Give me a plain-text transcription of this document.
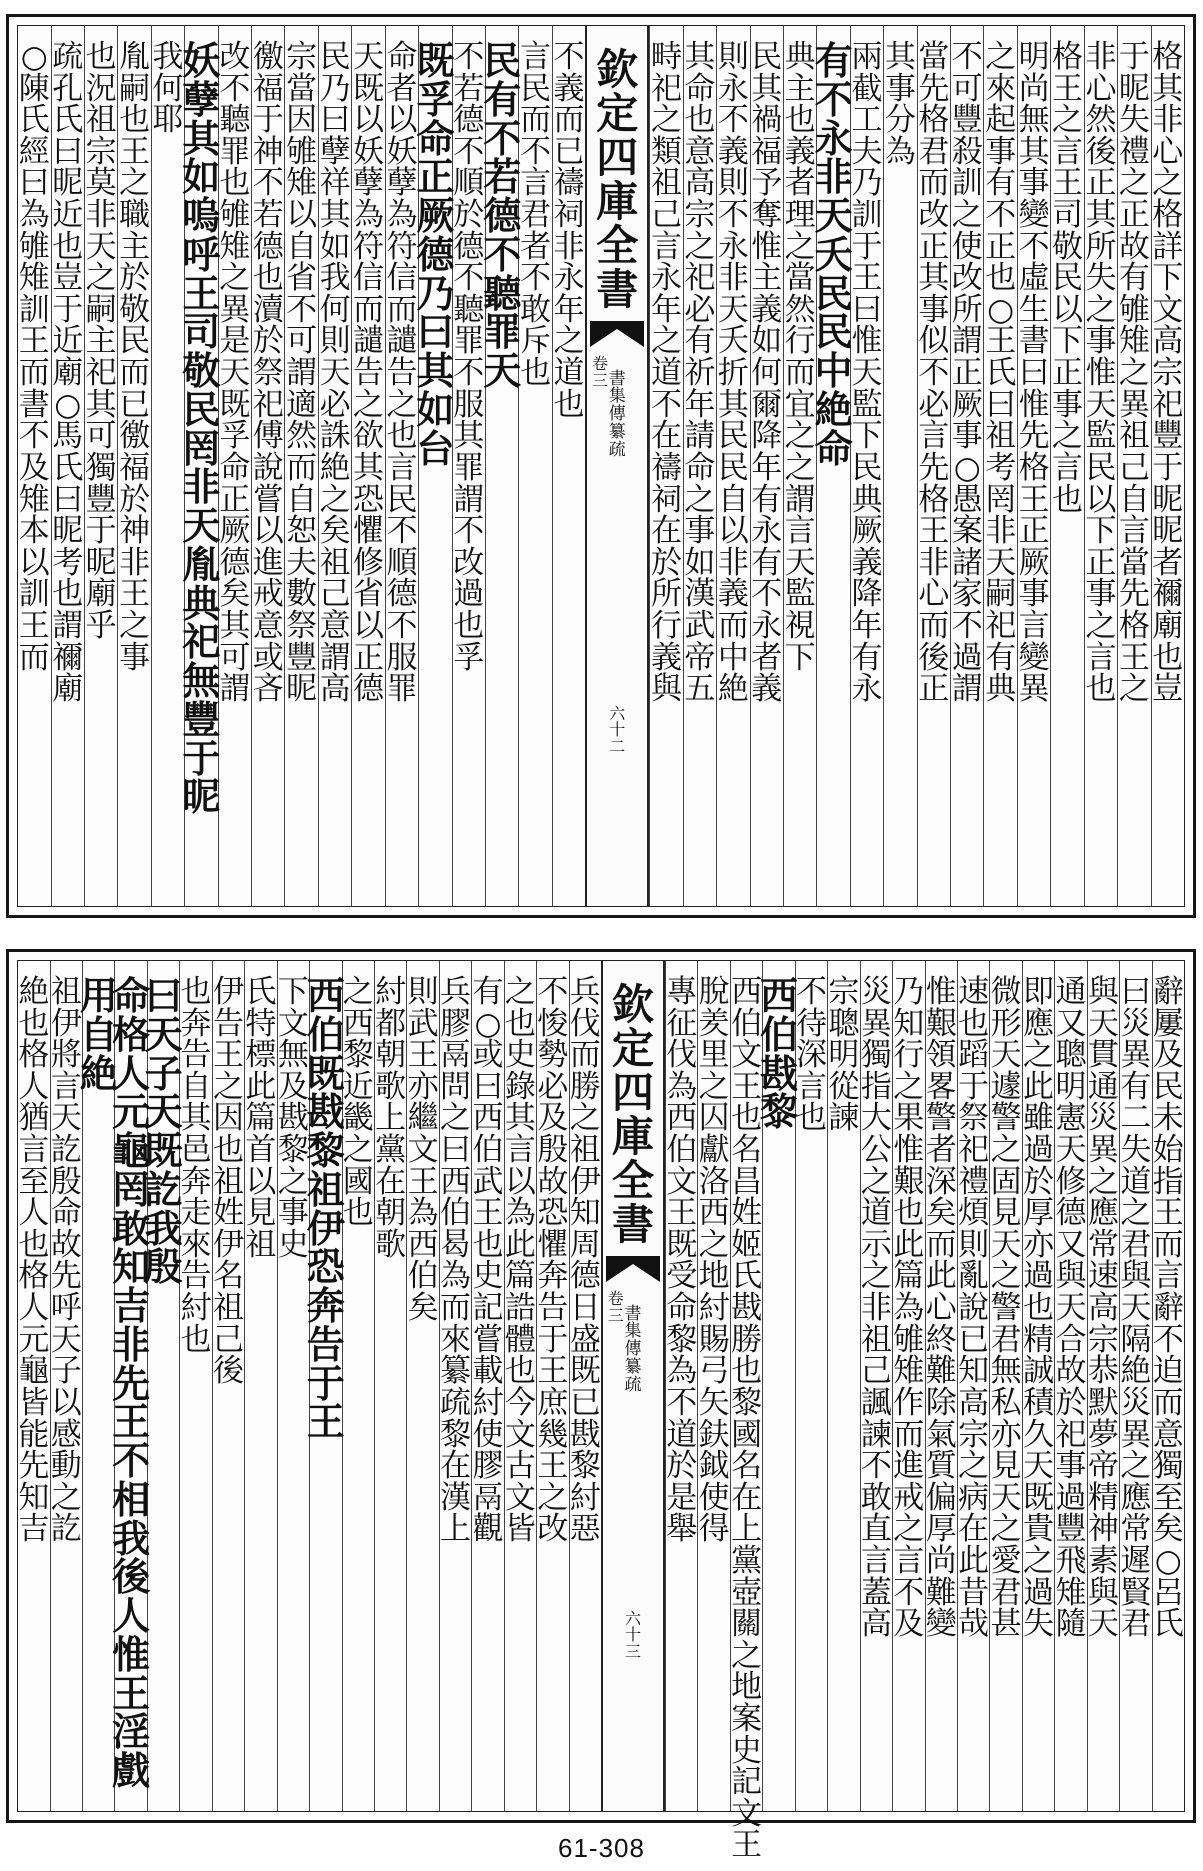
格其非心之格詳下文高宗祀豐于昵昵者禰廟也豈
于昵失禮之正故有雊雉之異祖己自言當先格王之
非心然後正其所失之事惟天監民以下正事之言也
格王之言王司敬民以下正事之言也
明尚無其事變不虛生書曰惟先格王正厥事言變異
之來起事有不正也○王氏曰祖考罔非天嗣祀有典
不可豐殺訓之使改所謂正厥事○愚案諸家不過謂
當先格君而改正其事似不必言先格王非心而後正
其事分為
兩截工夫乃訓于王曰惟天監下民典厥義降年有永
有不永非天夭民民中絶命
典主也義者理之當然行而宜之之謂言天監視下
民其禍福予奪惟主義如何爾降年有永有不永者義
則永不義則不永非天夭折其民民自以非義而中絶
其命也意高宗之祀必有祈年請命之事如漢武帝五
畤祀之類祖己言永年之道不在禱祠在於所行義與
欽定四庫全書
書集傳纂疏
卷三
六十二
不義而已禱祠非永年之道也
言民而不言君者不敢斥也
民有不若德不聽罪天
不若德不順於德不聽罪不服其罪謂不改過也孚
既孚命正厥德乃曰其如台
命者以妖孽為符信而譴告之也言民不順德不服罪
天既以妖孽為符信而譴告之欲其恐懼修省以正德
民乃曰孽祥其如我何則天必誅絶之矣祖己意謂高
宗當因雊雉以自省不可謂適然而自恕夫數祭豐昵
徼福于神不若德也瀆於祭祀傅說嘗以進戒意或吝
改不聽罪也雊雉之異是天既孚命正厥德矣其可謂
妖孽其如嗚呼王司敬民罔非天胤典祀無豐于昵
我何耶
胤嗣也王之職主於敬民而已徼福於神非王之事
也況祖宗莫非天之嗣主祀其可獨豐于昵廟乎
疏孔氏曰昵近也豈于近廟○馬氏曰昵考也謂禰廟
○陳氏經曰為雊雉訓王而書不及雉本以訓王而
辭屢及民未始指王而言辭不迫而意獨至矣○呂氏
曰災異有二失道之君與天隔絶災異之應常遲賢君
與天貫通災異之應常速高宗恭默夢帝精神素與天
通又聰明憲天修德又與天合故於祀事過豐飛雉隨
即應之此雖過於厚亦過也精誠積久天既貴之過失
微形天遽警之固見天之警君無私亦見天之愛君甚
速也蹈于祭祀禮煩則亂說已知高宗之病在此昔哉
惟艱領畧警者深矣而此心終難除氣質偏厚尚難變
乃知行之果惟艱也此篇為雊雉作而進戒之言不及
災異獨指大公之道示之非祖己諷諫不敢直言蓋高
宗聰明從諫
不待深言也
西伯戡黎
西伯文王也名昌姓姬氏戡勝也黎國名在上黨壺關之地案史記文王
脫羑里之囚獻洛西之地紂賜弓矢鈇鉞使得
專征伐為西伯文王既受命黎為不道於是舉
欽定四庫全書
書集傳纂疏
卷三
六十三
兵伐而勝之祖伊知周德日盛既已戡黎紂惡
不悛勢必及殷故恐懼奔告于王庶幾王之改
之也史錄其言以為此篇誥體也今文古文皆
有○或曰西伯武王也史記嘗載紂使膠鬲觀
兵膠鬲問之曰西伯曷為而來纂疏黎在漢上
則武王亦繼文王為西伯矣
紂都朝歌上黨在朝歌
之西黎近畿之國也
西伯既戡黎祖伊恐奔告于王
下文無及戡黎之事史
氏特標此篇首以見祖
伊告王之因也祖姓伊名祖己後
也奔告自其邑奔走來告紂也
曰天子天既訖我殷
命格人元龜罔敢知吉非先王不相我後人惟王淫戲
用自絶
祖伊將言天訖殷命故先呼天子以感動之訖
絶也格人猶言至人也格人元龜皆能先知吉
61-308
